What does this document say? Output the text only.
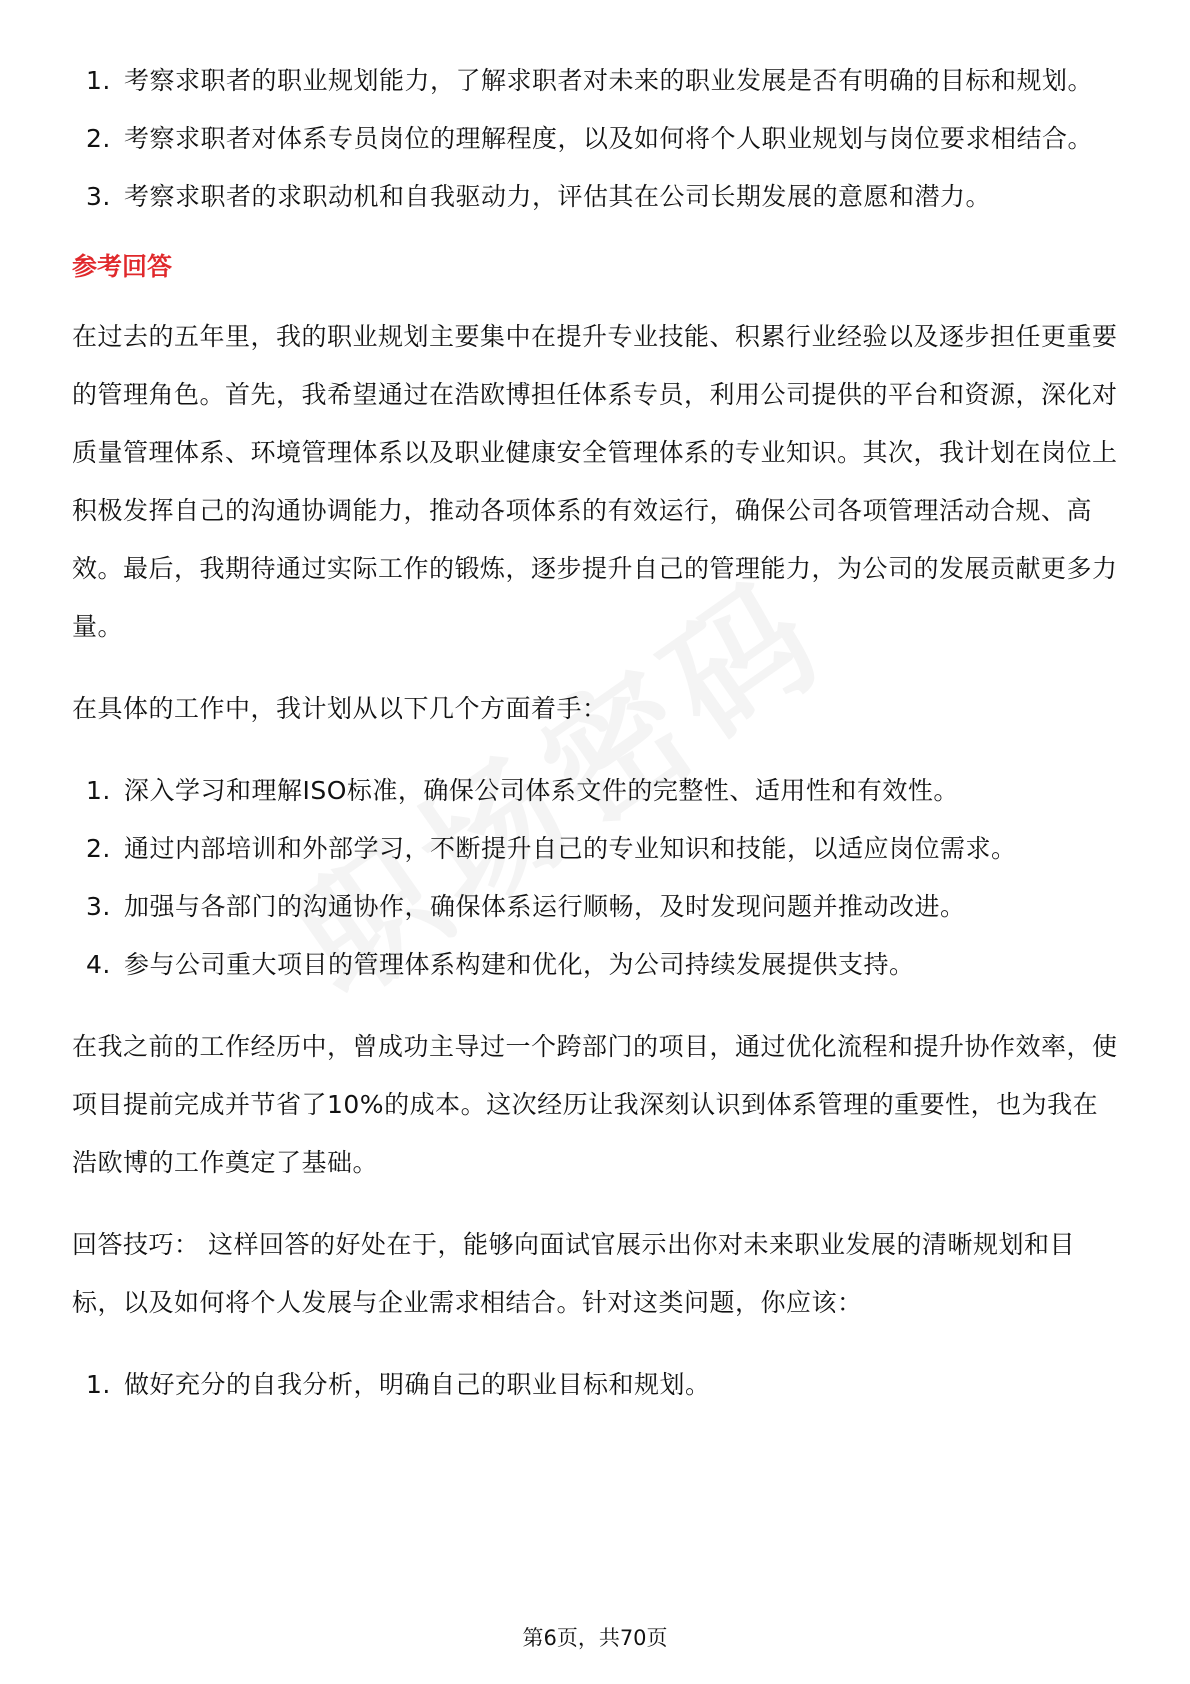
1. 考察求职者的职业规划能力，了解求职者对未来的职业发展是否有明确的目标和规划。
2. 考察求职者对体系专员岗位的理解程度，以及如何将个人职业规划与岗位要求相结合。
3. 考察求职者的求职动机和自我驱动力，评估其在公司长期发展的意愿和潜力。
参考回答

在过去的五年里，我的职业规划主要集中在提升专业技能、积累行业经验以及逐步担任更重要的管理角色。首先，我希望通过在浩欧博担任体系专员，利用公司提供的平台和资源，深化对质量管理体系、环境管理体系以及职业健康安全管理体系的专业知识。其次，我计划在岗位上积极发挥自己的沟通协调能力，推动各项体系的有效运行，确保公司各项管理活动合规、高效。最后，我期待通过实际工作的锻炼，逐步提升自己的管理能力，为公司的发展贡献更多力量。

在具体的工作中，我计划从以下几个方面着手：

1. 深入学习和理解ISO标准，确保公司体系文件的完整性、适用性和有效性。
2. 通过内部培训和外部学习，不断提升自己的专业知识和技能，以适应岗位需求。
3. 加强与各部门的沟通协作，确保体系运行顺畅，及时发现问题并推动改进。
4. 参与公司重大项目的管理体系构建和优化，为公司持续发展提供支持。

在我之前的工作经历中，曾成功主导过一个跨部门的项目，通过优化流程和提升协作效率，使项目提前完成并节省了10%的成本。这次经历让我深刻认识到体系管理的重要性，也为我在浩欧博的工作奠定了基础。

回答技巧： 这样回答的好处在于，能够向面试官展示出你对未来职业发展的清晰规划和目标，以及如何将个人发展与企业需求相结合。针对这类问题，你应该：

1. 做好充分的自我分析，明确自己的职业目标和规划。
第6页，共70页
